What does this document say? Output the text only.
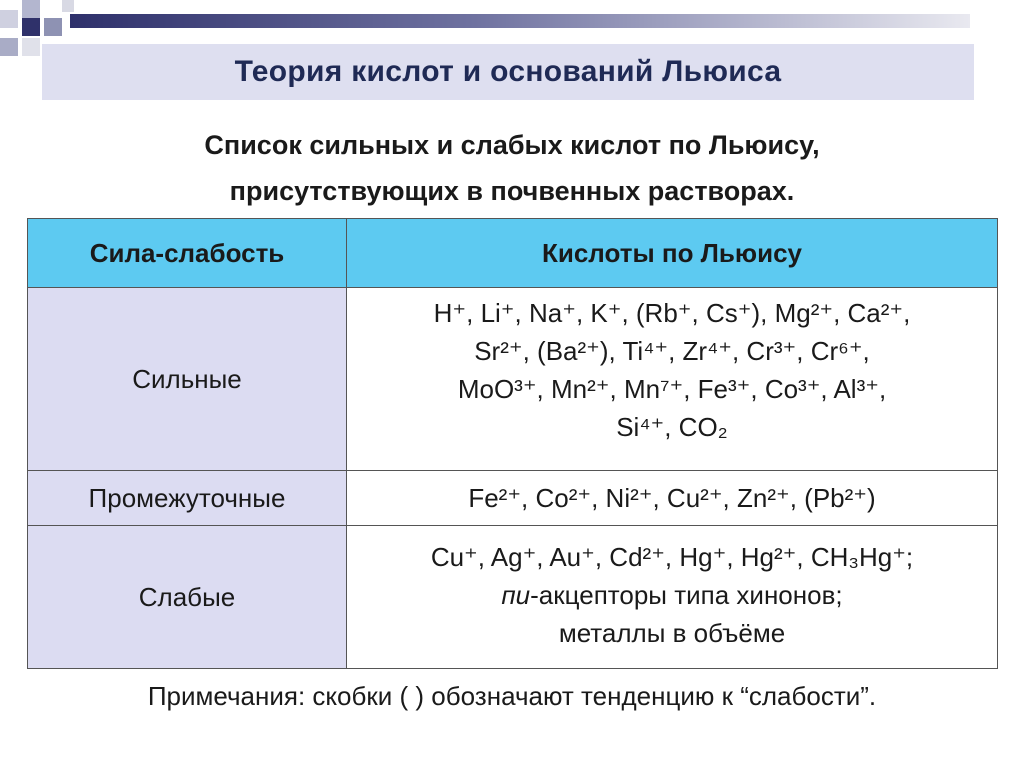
Теория кислот и оснований Льюиса
Список сильных и слабых кислот по Льюису,
присутствующих в почвенных растворах.
Сила-слабость	Кислоты по Льюису
Сильные	H⁺, Li⁺, Na⁺, K⁺, (Rb⁺, Cs⁺), Mg²⁺, Ca²⁺,
Sr²⁺, (Ba²⁺), Ti⁴⁺, Zr⁴⁺, Cr³⁺, Cr⁶⁺,
MoO³⁺, Mn²⁺, Mn⁷⁺, Fe³⁺, Co³⁺, Al³⁺,
Si⁴⁺, CO₂

Промежуточные	Fe²⁺, Co²⁺, Ni²⁺, Cu²⁺, Zn²⁺, (Pb²⁺)

Слабые	Cu⁺, Ag⁺, Au⁺, Cd²⁺, Hg⁺, Hg²⁺, CH₃Hg⁺;
пи-акцепторы типа хинонов;
металлы в объёме
Примечания: скобки ( ) обозначают тенденцию к “слабости”.
